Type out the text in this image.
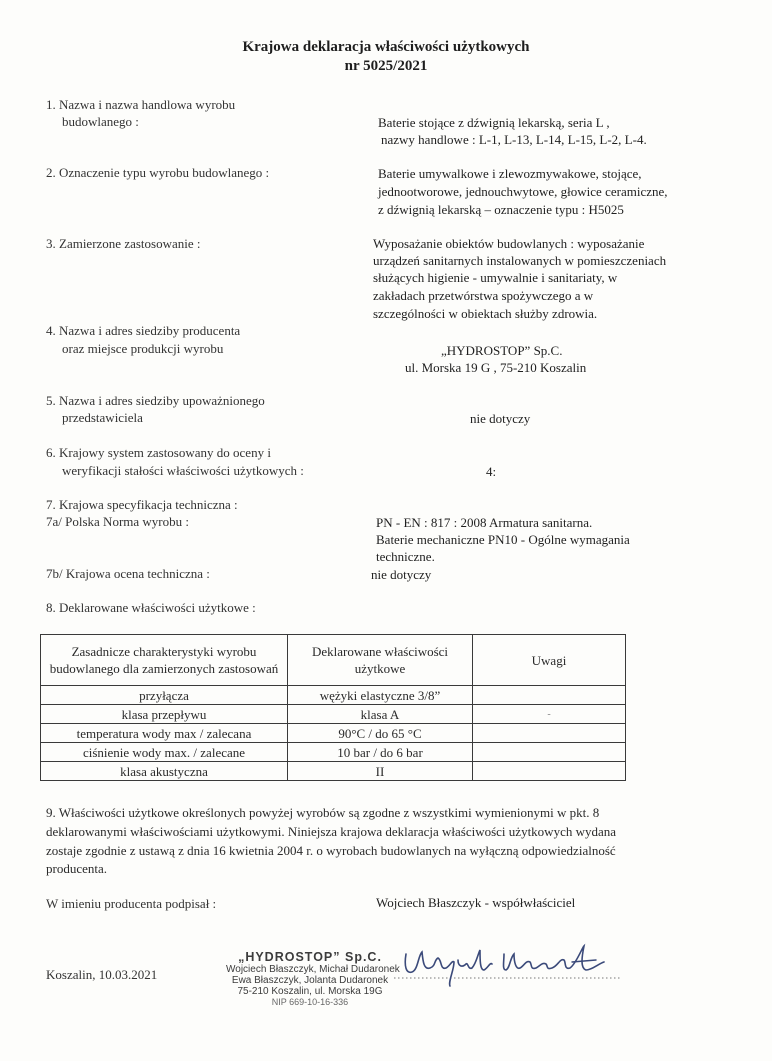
Krajowa deklaracja właściwości użytkowych
nr 5025/2021
1. Nazwa i nazwa handlowa wyrobu
budowlanego :	Baterie stojące z dźwignią lekarską, seria L ,
nazwy handlowe : L-1, L-13, L-14, L-15, L-2, L-4.
2. Oznaczenie typu wyrobu budowlanego :	Baterie umywalkowe i zlewozmywakowe, stojące,
jednootworowe, jednouchwytowe, głowice ceramiczne,
z dźwignią lekarską – oznaczenie typu : H5025
3. Zamierzone zastosowanie :	Wyposażanie obiektów budowlanych : wyposażanie
urządzeń sanitarnych instalowanych w pomieszczeniach
służących higienie - umywalnie i sanitariaty, w
zakładach przetwórstwa spożywczego a w
szczególności w obiektach służby zdrowia.
4. Nazwa i adres siedziby producenta
oraz miejsce produkcji wyrobu	„HYDROSTOP” Sp.C.
ul. Morska 19 G , 75-210 Koszalin
5. Nazwa i adres siedziby upoważnionego
przedstawiciela	nie dotyczy
6. Krajowy system zastosowany do oceny i
weryfikacji stałości właściwości użytkowych :	4:
7. Krajowa specyfikacja techniczna :
7a/ Polska Norma wyrobu :	PN - EN : 817 : 2008 Armatura sanitarna.
Baterie mechaniczne PN10 - Ogólne wymagania
techniczne.
7b/ Krajowa ocena techniczna :	nie dotyczy
8. Deklarowane właściwości użytkowe :
Zasadnicze charakterystyki wyrobu budowlanego dla zamierzonych zastosowań	Deklarowane właściwości użytkowe	Uwagi
przyłącza	wężyki elastyczne 3/8”	
klasa przepływu	klasa A	-
temperatura wody max / zalecana	90°C / do 65 °C	
ciśnienie wody max. / zalecane	10 bar / do 6 bar	
klasa akustyczna	II	
9. Właściwości użytkowe określonych powyżej wyrobów są zgodne z wszystkimi wymienionymi w pkt. 8
deklarowanymi właściwościami użytkowymi. Niniejsza krajowa deklaracja właściwości użytkowych wydana
zostaje zgodnie z ustawą z dnia 16 kwietnia 2004 r. o wyrobach budowlanych na wyłączną odpowiedzialność
producenta.
W imieniu producenta podpisał :	Wojciech Błaszczyk - współwłaściciel
Koszalin, 10.03.2021
„HYDROSTOP” Sp.C.
Wojciech Błaszczyk, Michał Dudaronek
Ewa Błaszczyk, Jolanta Dudaronek
75-210 Koszalin, ul. Morska 19G
NIP 669-10-16-336
